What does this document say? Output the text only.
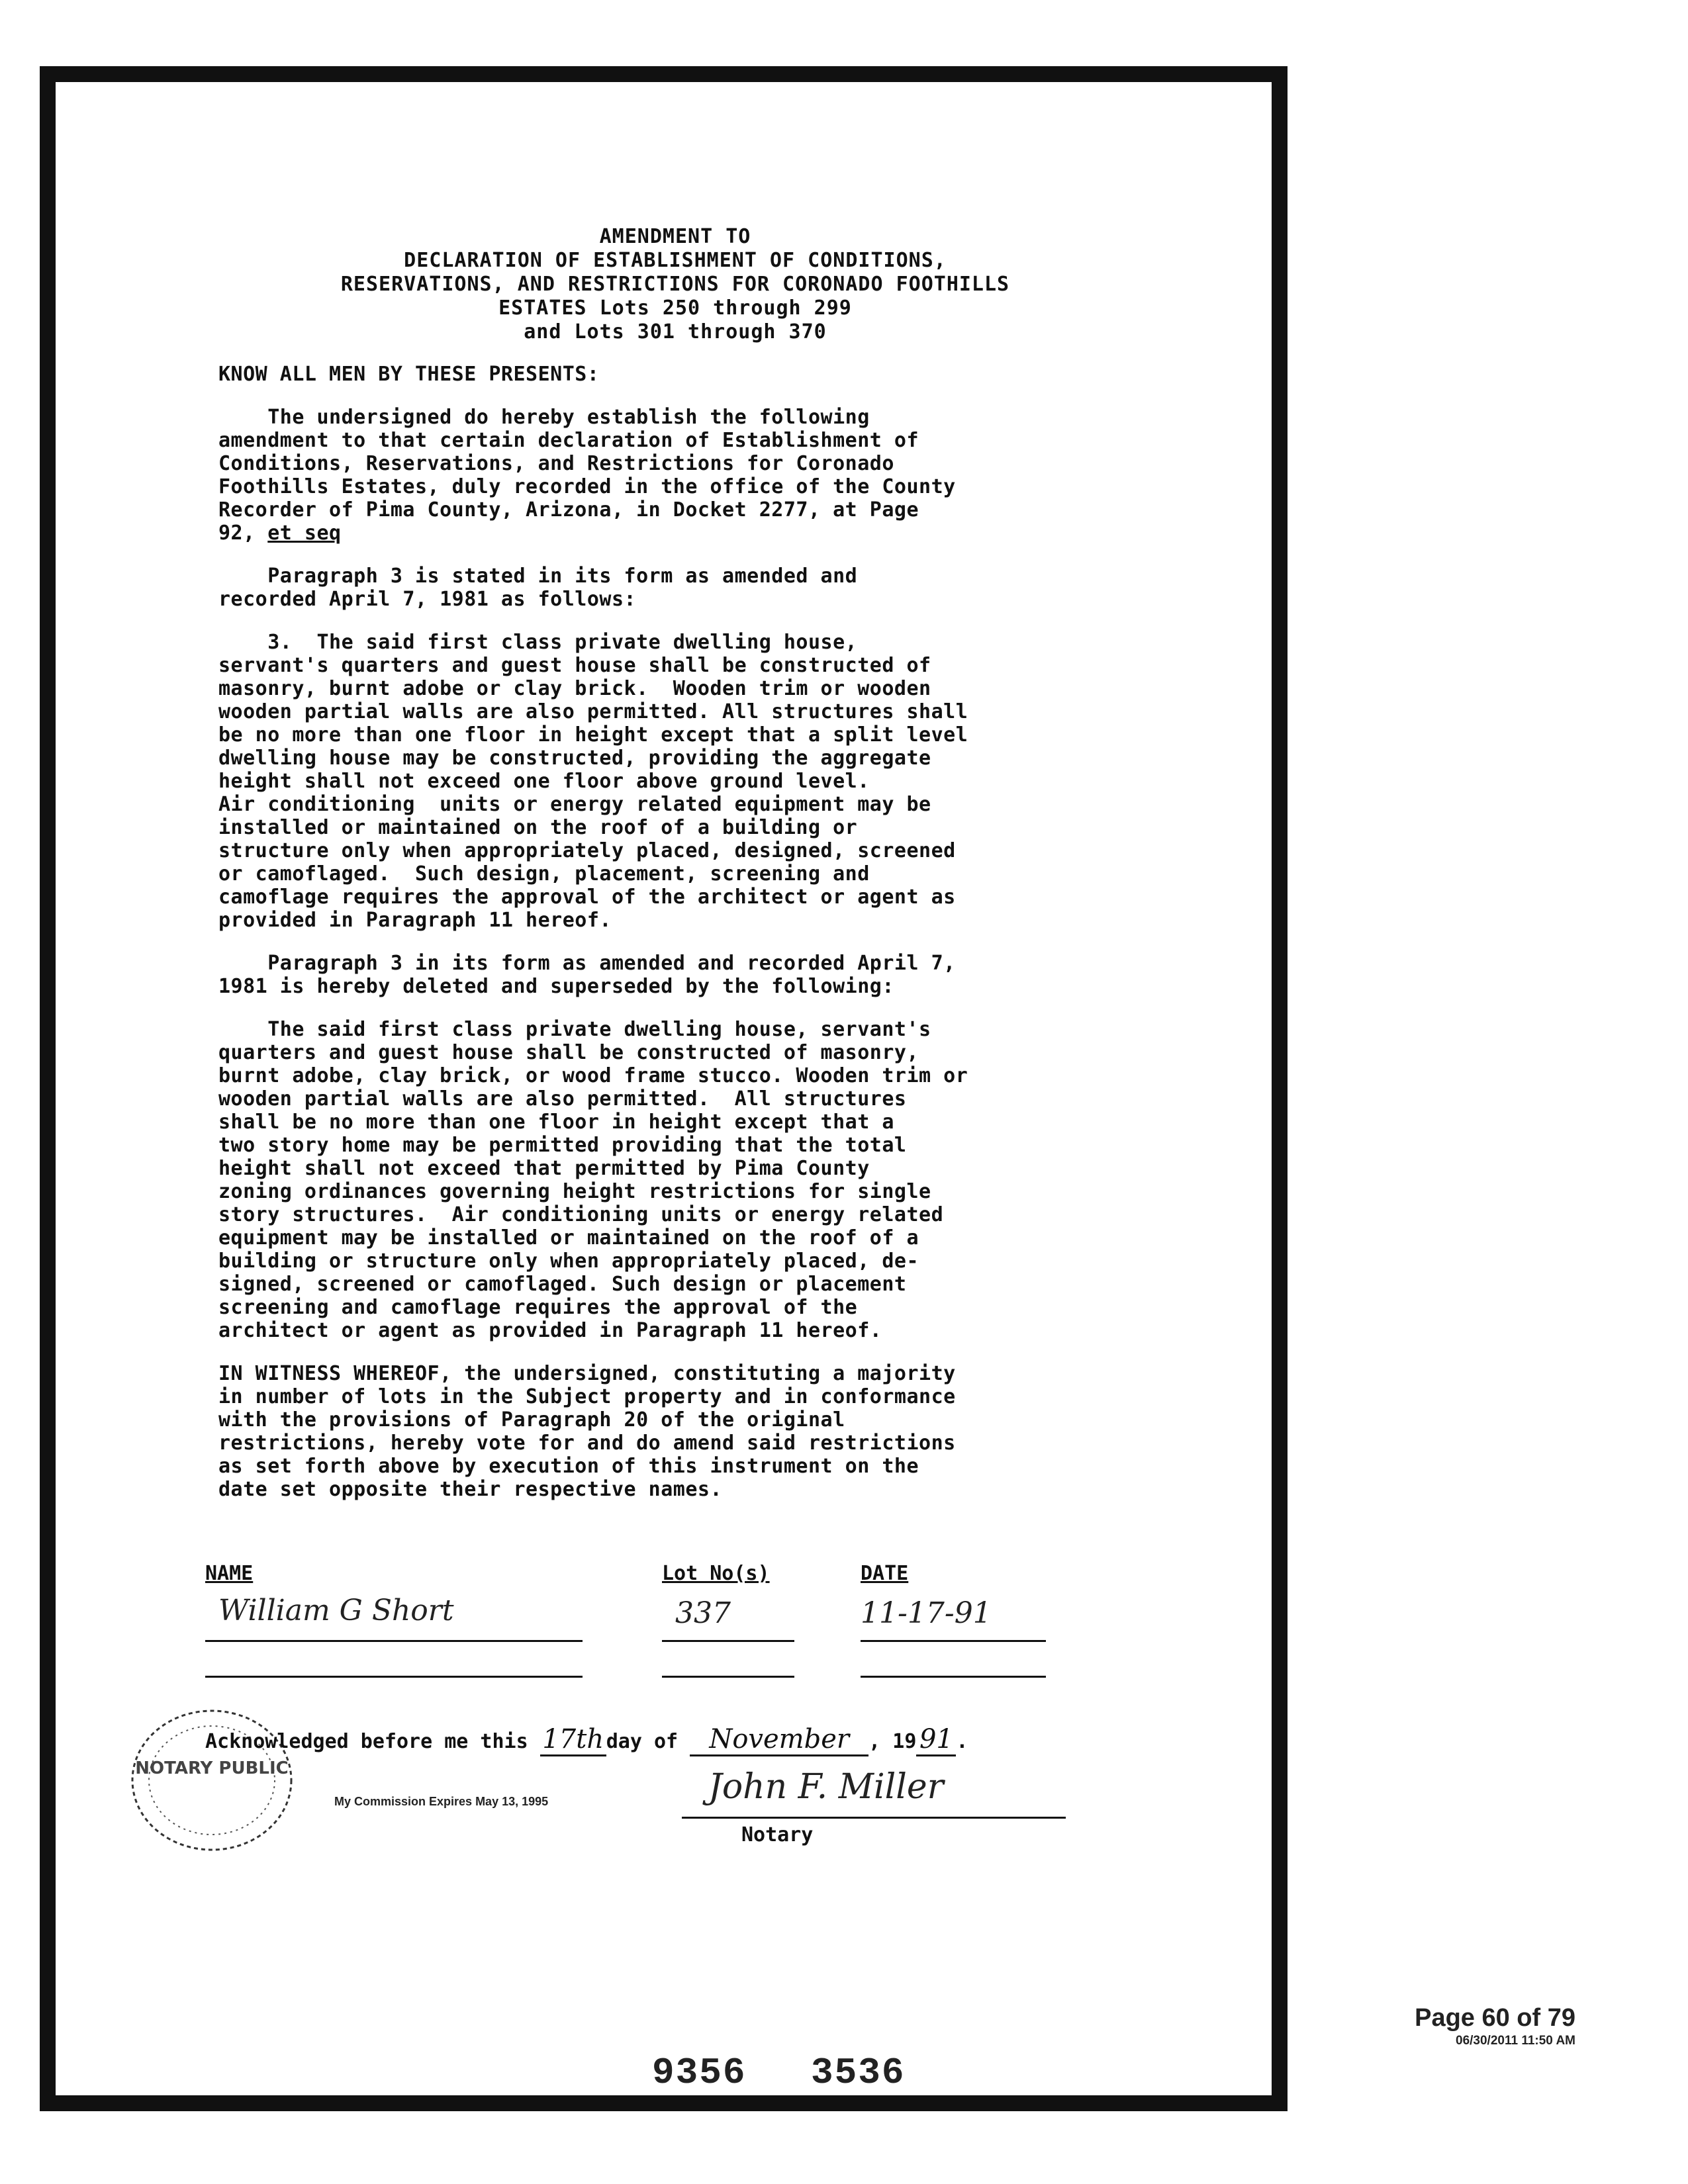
AMENDMENT TO
DECLARATION OF ESTABLISHMENT OF CONDITIONS,
RESERVATIONS, AND RESTRICTIONS FOR CORONADO FOOTHILLS
ESTATES Lots 250 through 299
and Lots 301 through 370
KNOW ALL MEN BY THESE PRESENTS:
The undersigned do hereby establish the following
amendment to that certain declaration of Establishment of
Conditions, Reservations, and Restrictions for Coronado
Foothills Estates, duly recorded in the office of the County
Recorder of Pima County, Arizona, in Docket 2277, at Page
92, et seq
Paragraph 3 is stated in its form as amended and
recorded April 7, 1981 as follows:
3.  The said first class private dwelling house,
servant's quarters and guest house shall be constructed of
masonry, burnt adobe or clay brick.  Wooden trim or wooden
wooden partial walls are also permitted. All structures shall
be no more than one floor in height except that a split level
dwelling house may be constructed, providing the aggregate
height shall not exceed one floor above ground level.
Air conditioning  units or energy related equipment may be
installed or maintained on the roof of a building or
structure only when appropriately placed, designed, screened
or camoflaged.  Such design, placement, screening and
camoflage requires the approval of the architect or agent as
provided in Paragraph 11 hereof.
Paragraph 3 in its form as amended and recorded April 7,
1981 is hereby deleted and superseded by the following:
The said first class private dwelling house, servant's
quarters and guest house shall be constructed of masonry,
burnt adobe, clay brick, or wood frame stucco. Wooden trim or
wooden partial walls are also permitted.  All structures
shall be no more than one floor in height except that a
two story home may be permitted providing that the total
height shall not exceed that permitted by Pima County
zoning ordinances governing height restrictions for single
story structures.  Air conditioning units or energy related
equipment may be installed or maintained on the roof of a
building or structure only when appropriately placed, de-
signed, screened or camoflaged. Such design or placement
screening and camoflage requires the approval of the
architect or agent as provided in Paragraph 11 hereof.
IN WITNESS WHEREOF, the undersigned, constituting a majority
in number of lots in the Subject property and in conformance
with the provisions of Paragraph 20 of the original
restrictions, hereby vote for and do amend said restrictions
as set forth above by execution of this instrument on the
date set opposite their respective names.
NAME	Lot No(s)	DATE
William G Short	337	11-17-91
NOTARY PUBLIC
Acknowledged before me this 17th day of November , 19 91 .
My Commission Expires May 13, 1995	John F. Miller
Notary
9356 3536
Page 60 of 79
06/30/2011 11:50 AM
